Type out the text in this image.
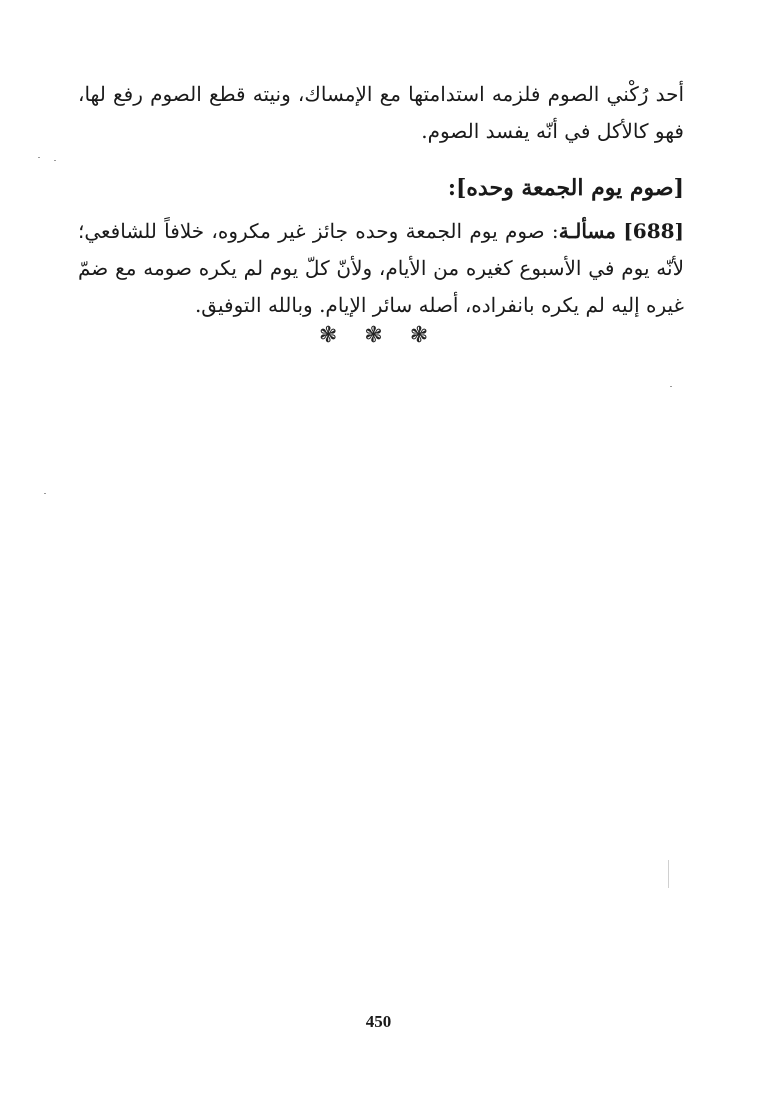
أحد رُكْني الصوم فلزمه استدامتها مع الإمساك، ونيته قطع الصوم رفع لها، فهو كالأكل في أنّه يفسد الصوم.

[صوم يوم الجمعة وحده]:

[688] مسألـة: صوم يوم الجمعة وحده جائز غير مكروه، خلافاً للشافعي؛ لأنّه يوم في الأسبوع كغيره من الأيام، ولأنّ كلّ يوم لم يكره صومه مع ضمّ غيره إليه لم يكره بانفراده، أصله سائر الإيام. وبالله التوفيق.

❃ ❃ ❃
450
